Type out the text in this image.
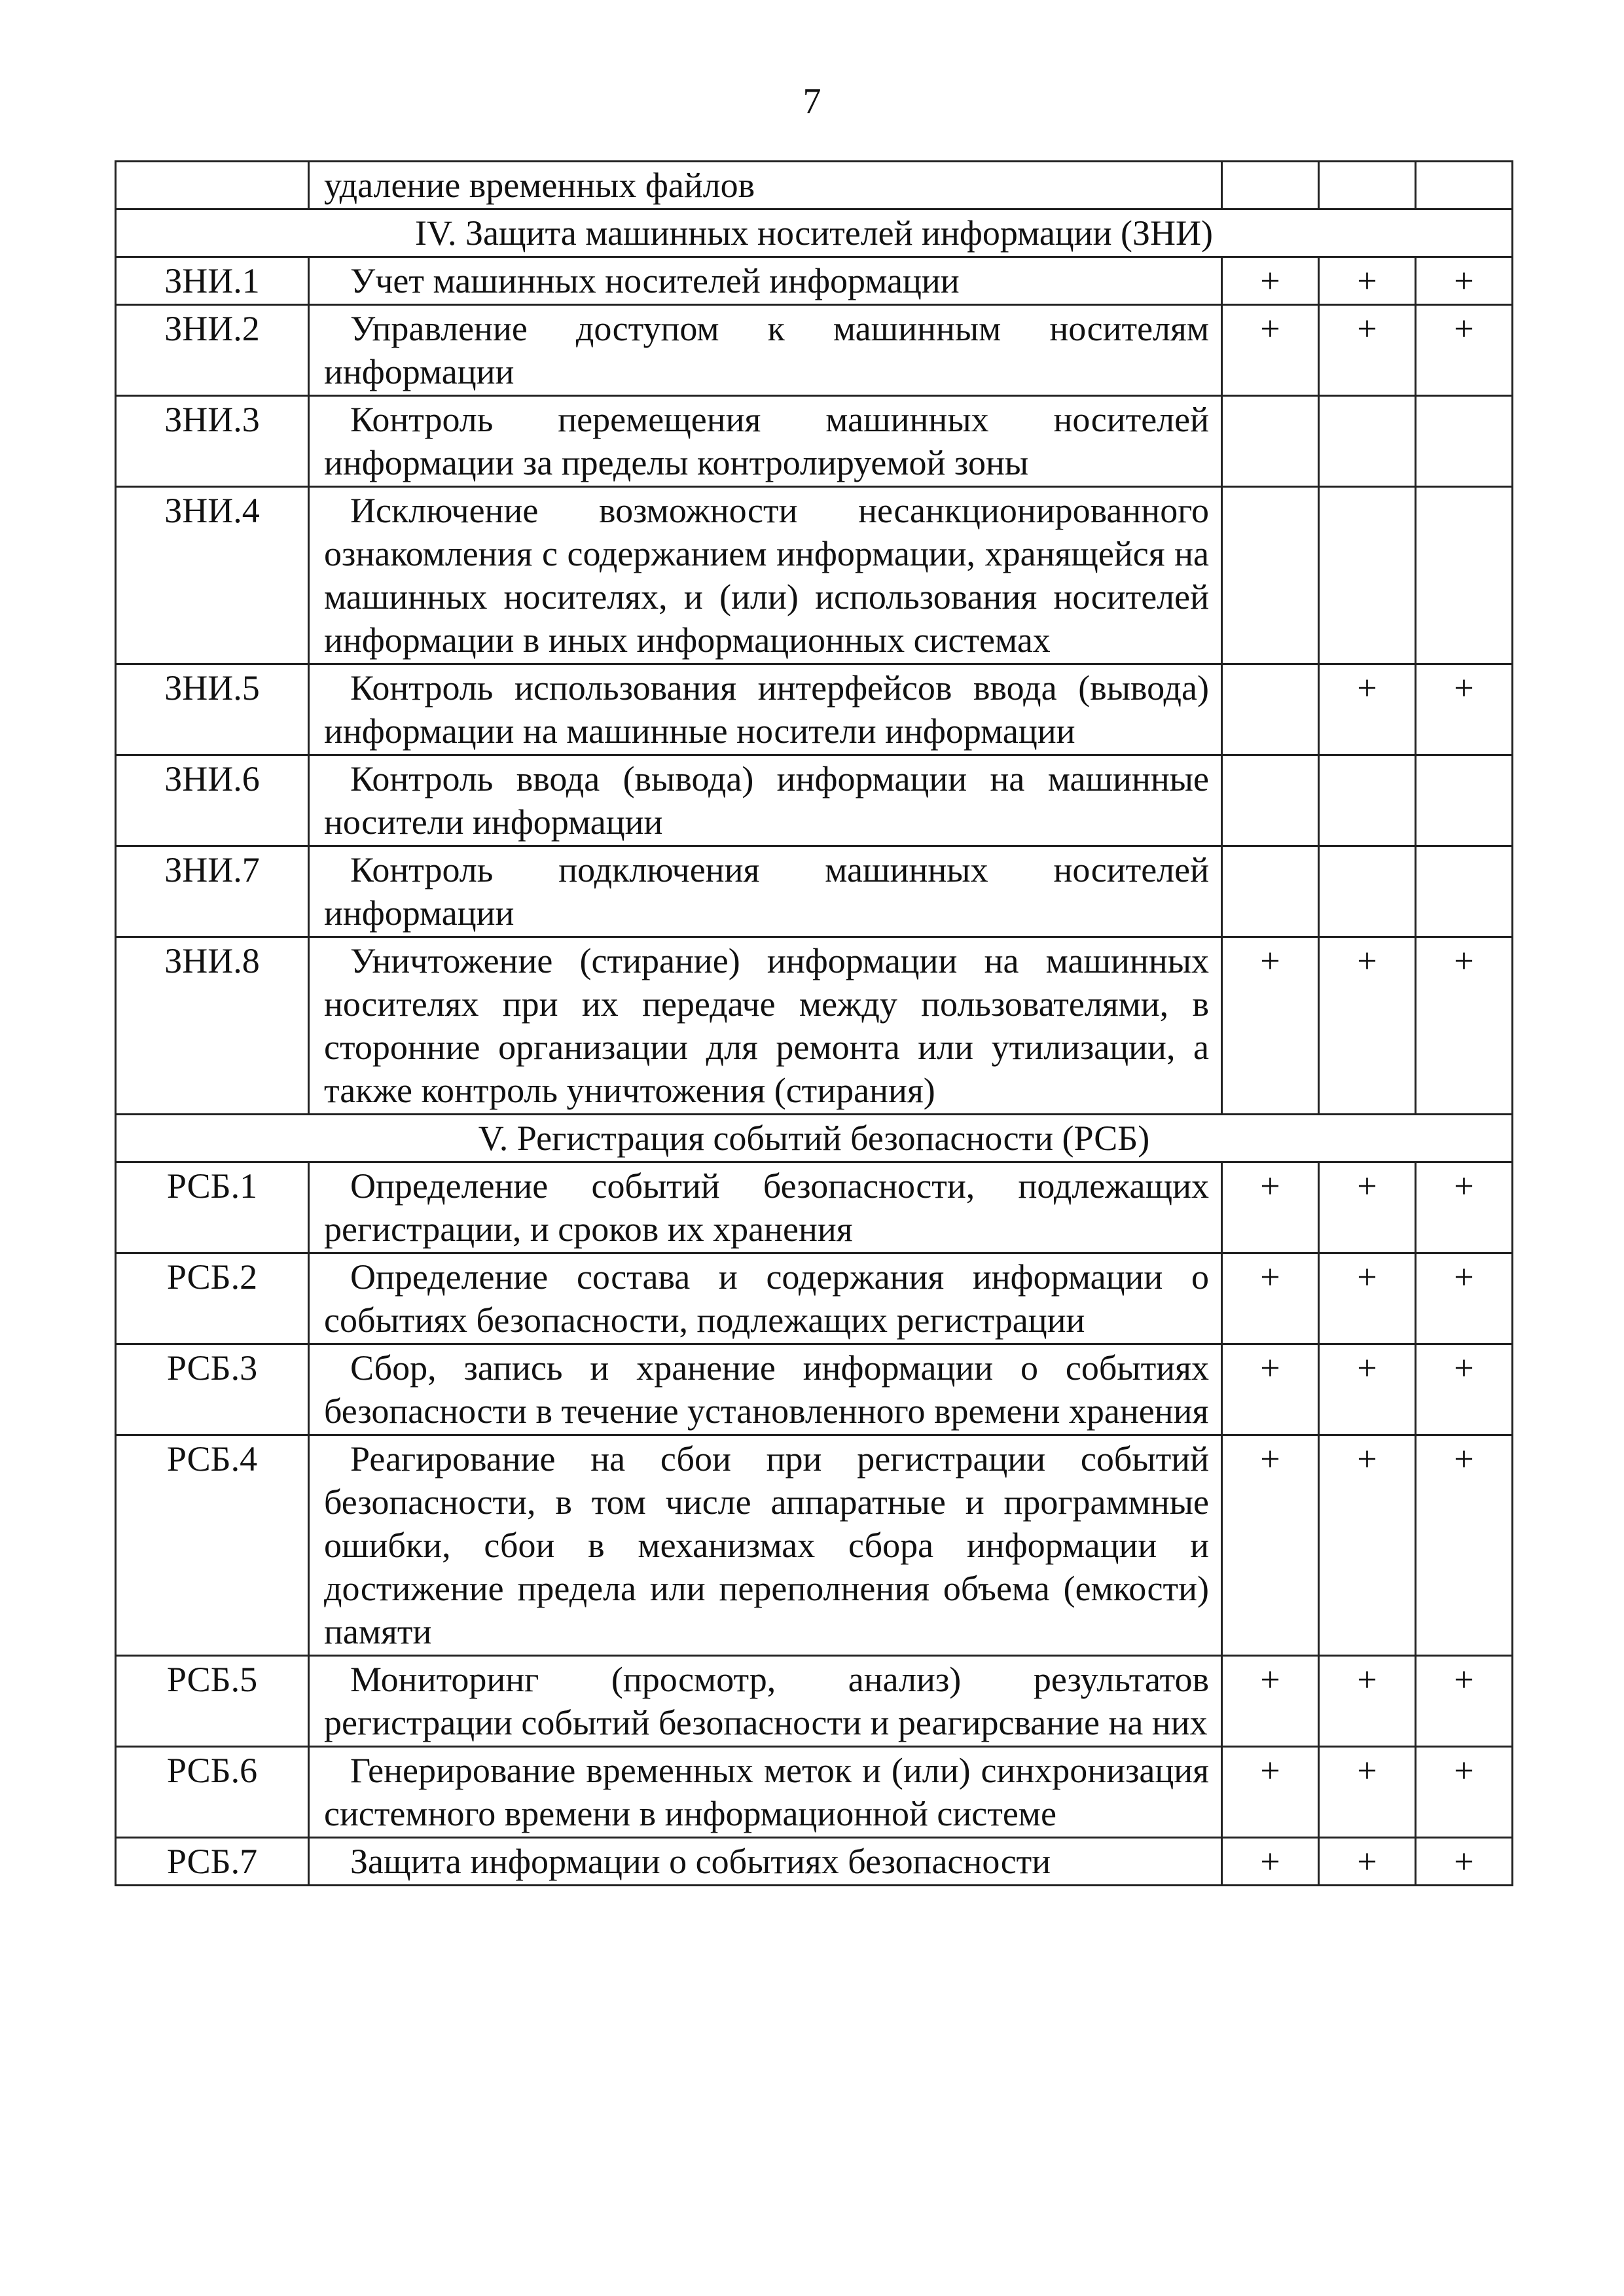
7

	удаление временных файлов			

IV. Защита машинных носителей информации (ЗНИ)				
ЗНИ.1	Учет машинных носителей информации	+	+	+
ЗНИ.2	Управление доступом к машинным носителям информации	+	+	+
ЗНИ.3	Контроль перемещения машинных носителей информации за пределы контролируемой зоны			

ЗНИ.4	Исключение возможности несанкционированного ознакомления с содержанием информации, хранящейся на машинных носителях, и (или) использования носителей информации в иных информационных системах			

ЗНИ.5	Контроль использования интерфейсов ввода (вывода) информации на машинные носители информации		+	+
ЗНИ.6	Контроль ввода (вывода) информации на машинные носители информации			

ЗНИ.7	Контроль подключения машинных носителей информации			

ЗНИ.8	Уничтожение (стирание) информации на машинных носителях при их передаче между пользователями, в сторонние организации для ремонта или утилизации, а также контроль уничтожения (стирания)	+	+	+
V. Регистрация событий безопасности (РСБ)				
РСБ.1	Определение событий безопасности, подлежащих регистрации, и сроков их хранения	+	+	+
РСБ.2	Определение состава и содержания информации о событиях безопасности, подлежащих регистрации	+	+	+
РСБ.3	Сбор, запись и хранение информации о событиях безопасности в течение установленного времени хранения	+	+	+
РСБ.4	Реагирование на сбои при регистрации событий безопасности, в том числе аппаратные и программные ошибки, сбои в механизмах сбора информации и достижение предела или переполнения объема (емкости) памяти	+	+	+
РСБ.5	Мониторинг (просмотр, анализ) результатов регистрации событий безопасности и реагирсвание на них	+	+	+
РСБ.6	Генерирование временных меток и (или) синхронизация системного времени в информационной системе	+	+	+
РСБ.7	Защита информации о событиях безопасности	+	+	+
